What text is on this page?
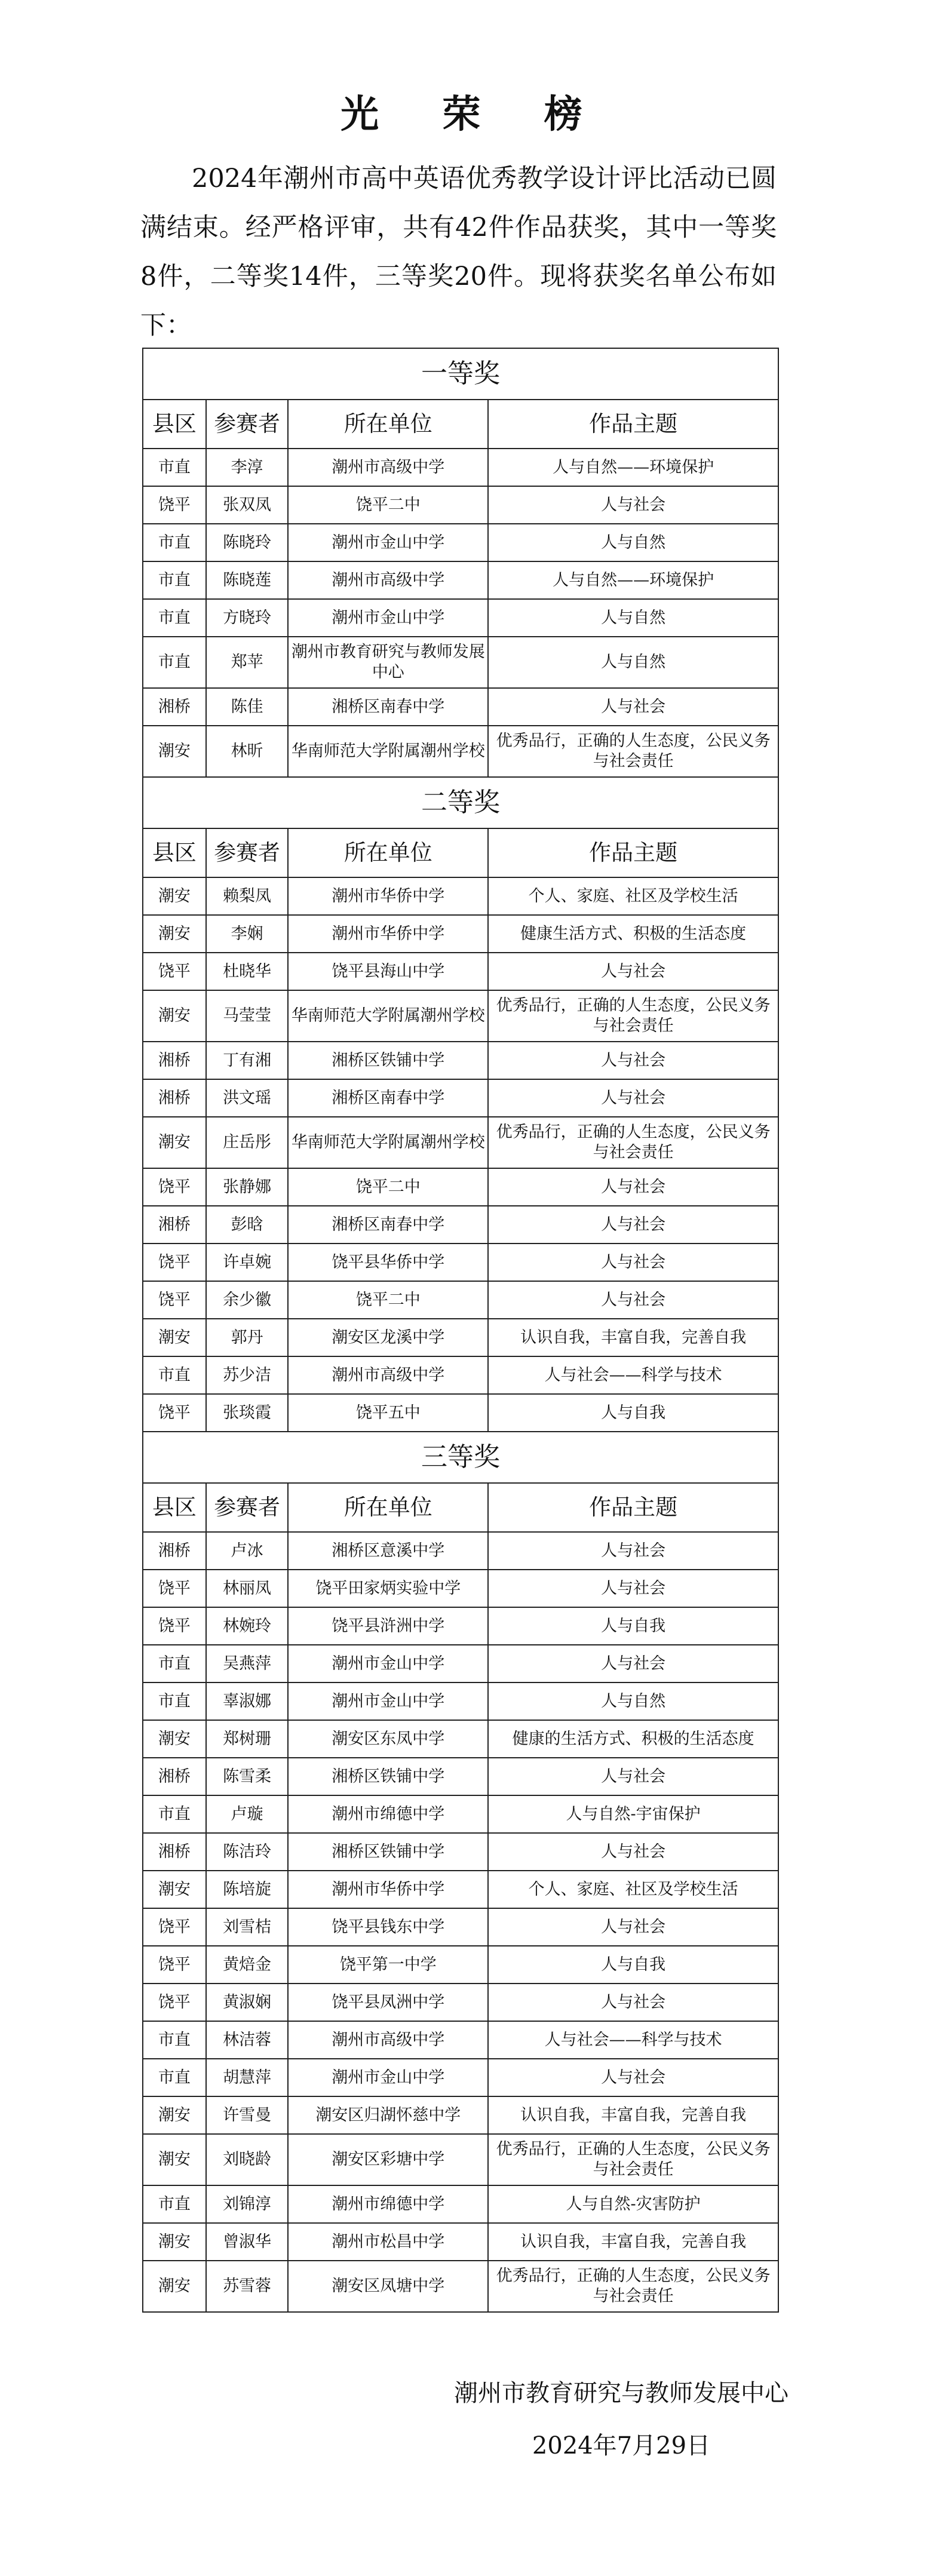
光 荣 榜
2024年潮州市高中英语优秀教学设计评比活动已圆满结束。经严格评审，共有42件作品获奖，其中一等奖8件，二等奖14件，三等奖20件。现将获奖名单公布如下：
一等奖			
县区	参赛者	所在单位	作品主题
市直	李淳	潮州市高级中学	人与自然——环境保护
饶平	张双凤	饶平二中	人与社会
市直	陈晓玲	潮州市金山中学	人与自然
市直	陈晓莲	潮州市高级中学	人与自然——环境保护
市直	方晓玲	潮州市金山中学	人与自然
市直	郑苹	潮州市教育研究与教师发展中心	人与自然
湘桥	陈佳	湘桥区南春中学	人与社会
潮安	林昕	华南师范大学附属潮州学校	优秀品行，正确的人生态度，公民义务与社会责任
二等奖			
县区	参赛者	所在单位	作品主题
潮安	赖梨凤	潮州市华侨中学	个人、家庭、社区及学校生活
潮安	李娴	潮州市华侨中学	健康生活方式、积极的生活态度
饶平	杜晓华	饶平县海山中学	人与社会
潮安	马莹莹	华南师范大学附属潮州学校	优秀品行，正确的人生态度，公民义务与社会责任
湘桥	丁有湘	湘桥区铁铺中学	人与社会
湘桥	洪文瑶	湘桥区南春中学	人与社会
潮安	庄岳彤	华南师范大学附属潮州学校	优秀品行，正确的人生态度，公民义务与社会责任
饶平	张静娜	饶平二中	人与社会
湘桥	彭晗	湘桥区南春中学	人与社会
饶平	许卓婉	饶平县华侨中学	人与社会
饶平	余少徽	饶平二中	人与社会
潮安	郭丹	潮安区龙溪中学	认识自我，丰富自我，完善自我
市直	苏少洁	潮州市高级中学	人与社会——科学与技术
饶平	张琰霞	饶平五中	人与自我
三等奖			
县区	参赛者	所在单位	作品主题
湘桥	卢冰	湘桥区意溪中学	人与社会
饶平	林丽凤	饶平田家炳实验中学	人与社会
饶平	林婉玲	饶平县浒洲中学	人与自我
市直	吴燕萍	潮州市金山中学	人与社会
市直	辜淑娜	潮州市金山中学	人与自然
潮安	郑树珊	潮安区东凤中学	健康的生活方式、积极的生活态度
湘桥	陈雪柔	湘桥区铁铺中学	人与社会
市直	卢璇	潮州市绵德中学	人与自然-宇宙保护
湘桥	陈洁玲	湘桥区铁铺中学	人与社会
潮安	陈培旋	潮州市华侨中学	个人、家庭、社区及学校生活
饶平	刘雪桔	饶平县钱东中学	人与社会
饶平	黄焙金	饶平第一中学	人与自我
饶平	黄淑娴	饶平县凤洲中学	人与社会
市直	林洁蓉	潮州市高级中学	人与社会——科学与技术
市直	胡慧萍	潮州市金山中学	人与社会
潮安	许雪曼	潮安区归湖怀慈中学	认识自我，丰富自我，完善自我
潮安	刘晓龄	潮安区彩塘中学	优秀品行，正确的人生态度，公民义务与社会责任
市直	刘锦淳	潮州市绵德中学	人与自然-灾害防护
潮安	曾淑华	潮州市松昌中学	认识自我，丰富自我，完善自我
潮安	苏雪蓉	潮安区凤塘中学	优秀品行，正确的人生态度，公民义务与社会责任
潮州市教育研究与教师发展中心
2024年7月29日
